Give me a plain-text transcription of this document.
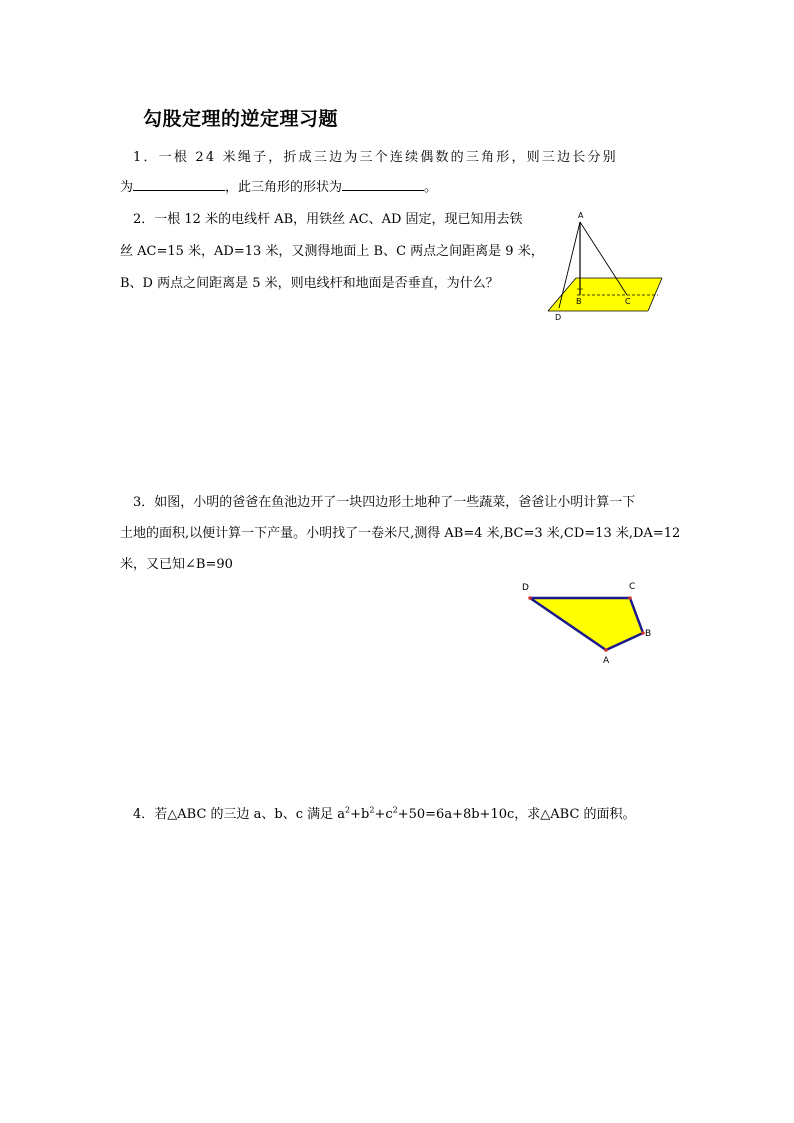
勾股定理的逆定理习题
1．一根 24 米绳子，折成三边为三个连续偶数的三角形，则三边长分别
为	，此三角形的形状为	。
2．一根 12 米的电线杆 AB，用铁丝 AC、AD 固定，现已知用去铁
丝 AC=15 米，AD=13 米，又测得地面上 B、C 两点之间距离是 9 米，
B、D 两点之间距离是 5 米，则电线杆和地面是否垂直，为什么？
A
B	C
D
3．如图，小明的爸爸在鱼池边开了一块四边形土地种了一些蔬菜，爸爸让小明计算一下
土地的面积,以便计算一下产量。小明找了一卷米尺,测得 AB=4 米,BC=3 米,CD=13 米,DA=12
米，又已知∠B=90
D	C
B
A
4．若△ABC 的三边 a、b、c 满足 $a^2+b^2+c^2+50=6a+8b+10c$，求△ABC 的面积。
